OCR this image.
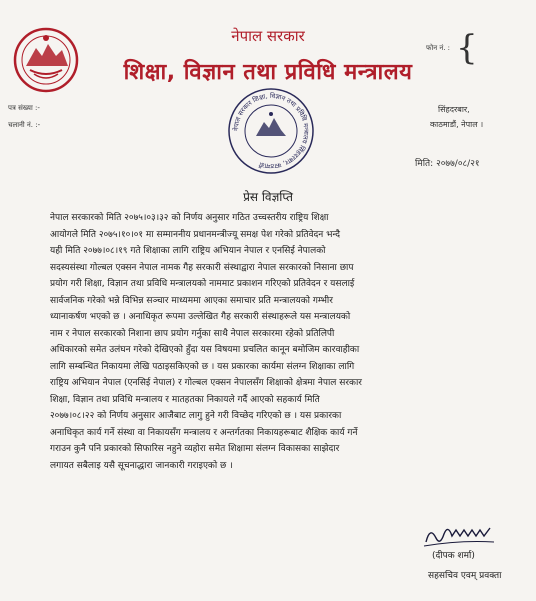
नेपाल सरकार
शिक्षा, विज्ञान तथा प्रविधि मन्त्रालय
फोन नं. : {
पत्र संख्या :-
चलानी नं. :-
नेपाल सरकार शिक्षा, विज्ञान तथा प्रविधि मन्त्रालय सिंहदरबार, काठमाडौं
सिंहदरबार,
काठमाडौं, नेपाल ।
मिति: २०७७/०८/२१
प्रेस विज्ञप्ति
नेपाल सरकारको मिति २०७५।०३।३२ को निर्णय अनुसार गठित उच्चस्तरीय राष्ट्रिय शिक्षा
आयोगले मिति २०७५।१०।०१ मा सम्माननीय प्रधानमन्त्रीज्यू समक्ष पेश गरेको प्रतिवेदन भन्दै
यही मिति २०७७।०८।१९ गते शिक्षाका लागि राष्ट्रिय अभियान नेपाल र एनसिई नेपालको
सदस्यसंस्था गोल्बल एक्सन नेपाल नामक गैह सरकारी संस्थाद्वारा नेपाल सरकारको निसाना छाप
प्रयोग गरी शिक्षा, विज्ञान तथा प्रविधि मन्त्रालयको नाममाट प्रकाशन गरिएको प्रतिवेदन र यसलाई
सार्वजनिक गरेको भन्ने विभिन्न सञ्चार माध्यममा आएका समाचार प्रति मन्त्रालयको गम्भीर
ध्यानाकर्षण भएको छ । अनाधिकृत रूपमा उल्लेखित गैह सरकारी संस्थाहरूले यस मन्त्रालयको
नाम र नेपाल सरकारको निशाना छाप प्रयोग गर्नुका साथै नेपाल सरकारमा रहेको प्रतिलिपी
अधिकारको समेत उलंघन गरेको देखिएको हुँदा यस विषयमा प्रचलित कानून बमोजिम कारवाहीका
लागि सम्बन्धित निकायमा लेखि पठाइसकिएको छ । यस प्रकारका कार्यमा संलग्न शिक्षाका लागि
राष्ट्रिय अभियान नेपाल (एनसिई नेपाल) र गोल्बल एक्सन नेपालसँग शिक्षाको क्षेत्रमा नेपाल सरकार
शिक्षा, विज्ञान तथा प्रविधि मन्त्रालय र मातहतका निकायले गर्दै आएको सहकार्य मिति
२०७७।०८।२२ को निर्णय अनुसार आजैबाट लागु हुने गरी विच्छेद गरिएको छ । यस प्रकारका
अनाधिकृत कार्य गर्ने संस्था वा निकायसँग मन्त्रालय र अन्तर्गतका निकायहरूबाट शैक्षिक कार्य गर्ने
गराउन कुनै पनि प्रकारको सिफारिस नहुने व्यहोरा समेत शिक्षामा संलग्न विकासका साझेदार
लगायत सबैलाइ यसै सूचनाद्धारा जानकारी गराइएको छ ।
(दीपक शर्मा)
सहसचिव एवम् प्रवक्ता
